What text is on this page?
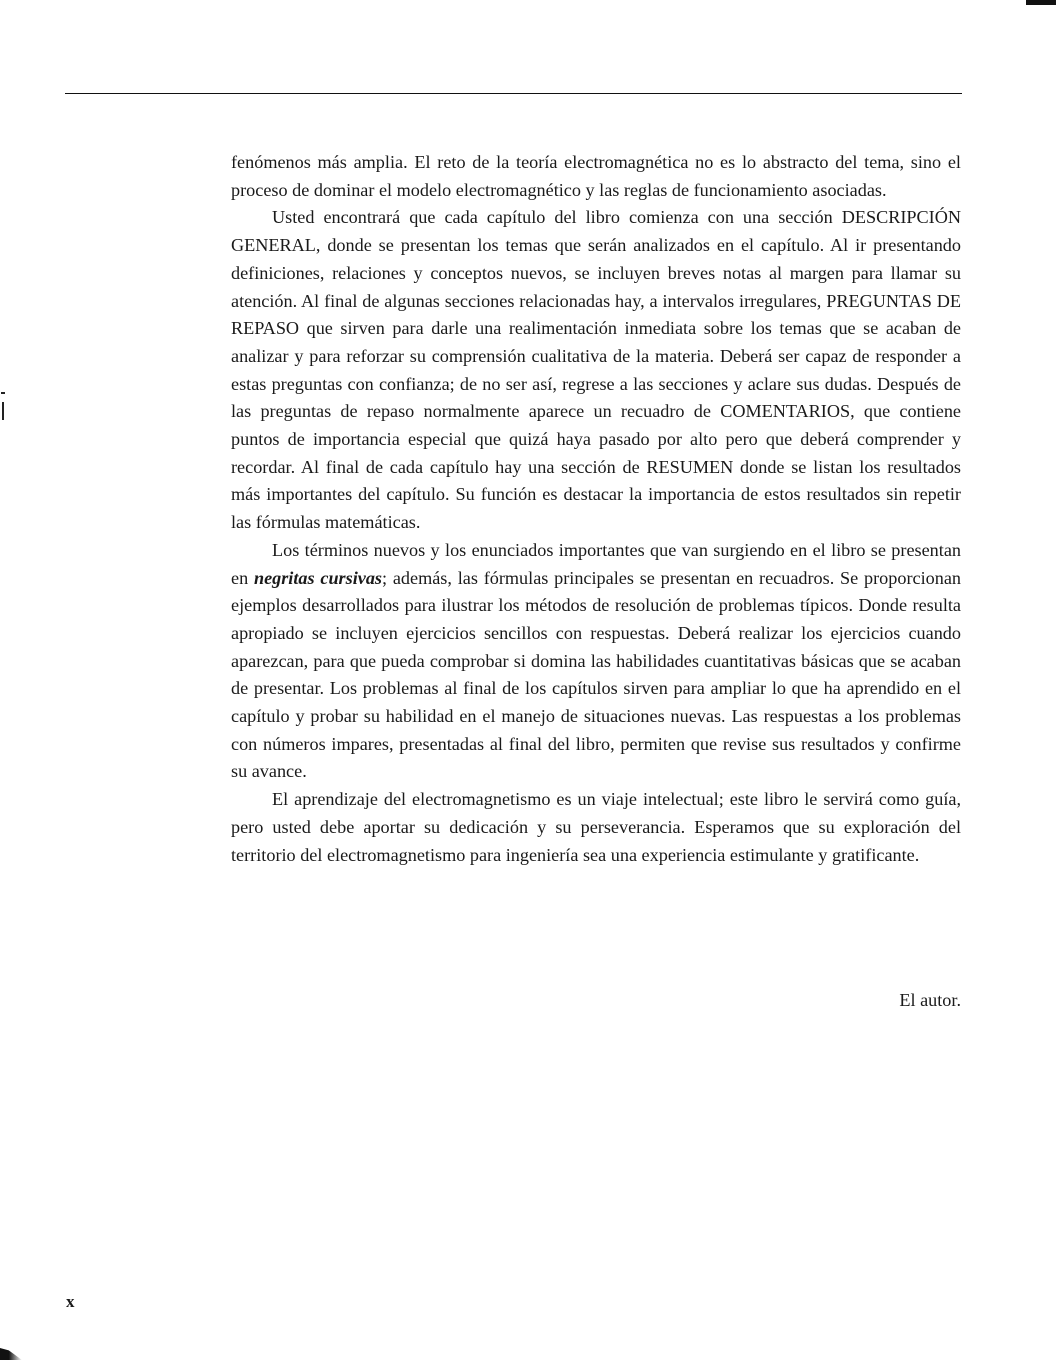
fenómenos más amplia. El reto de la teoría electromagnética no es lo abstracto del tema, sino el proceso de dominar el modelo electromagnético y las reglas de funcionamiento asociadas.

Usted encontrará que cada capítulo del libro comienza con una sección DESCRIPCIÓN GENERAL, donde se presentan los temas que serán analizados en el capítulo. Al ir presentando definiciones, relaciones y conceptos nuevos, se incluyen breves notas al margen para llamar su atención. Al final de algunas secciones relacionadas hay, a intervalos irregulares, PREGUNTAS DE REPASO que sirven para darle una realimentación inmediata sobre los temas que se acaban de analizar y para reforzar su comprensión cualitativa de la materia. Deberá ser capaz de responder a estas preguntas con confianza; de no ser así, regrese a las secciones y aclare sus dudas. Después de las preguntas de repaso normalmente aparece un recuadro de COMENTARIOS, que contiene puntos de importancia especial que quizá haya pasado por alto pero que deberá comprender y recordar. Al final de cada capítulo hay una sección de RESUMEN donde se listan los resultados más importantes del capítulo. Su función es destacar la importancia de estos resultados sin repetir las fórmulas matemáticas.

Los términos nuevos y los enunciados importantes que van surgiendo en el libro se presentan en negritas cursivas; además, las fórmulas principales se presentan en recuadros. Se proporcionan ejemplos desarrollados para ilustrar los métodos de resolución de problemas típicos. Donde resulta apropiado se incluyen ejercicios sencillos con respuestas. Deberá realizar los ejercicios cuando aparezcan, para que pueda comprobar si domina las habilidades cuantitativas básicas que se acaban de presentar. Los problemas al final de los capítulos sirven para ampliar lo que ha aprendido en el capítulo y probar su habilidad en el manejo de situaciones nuevas. Las respuestas a los problemas con números impares, presentadas al final del libro, permiten que revise sus resultados y confirme su avance.

El aprendizaje del electromagnetismo es un viaje intelectual; este libro le servirá como guía, pero usted debe aportar su dedicación y su perseverancia. Esperamos que su exploración del territorio del electromagnetismo para ingeniería sea una experiencia estimulante y gratificante.

El autor.
x
